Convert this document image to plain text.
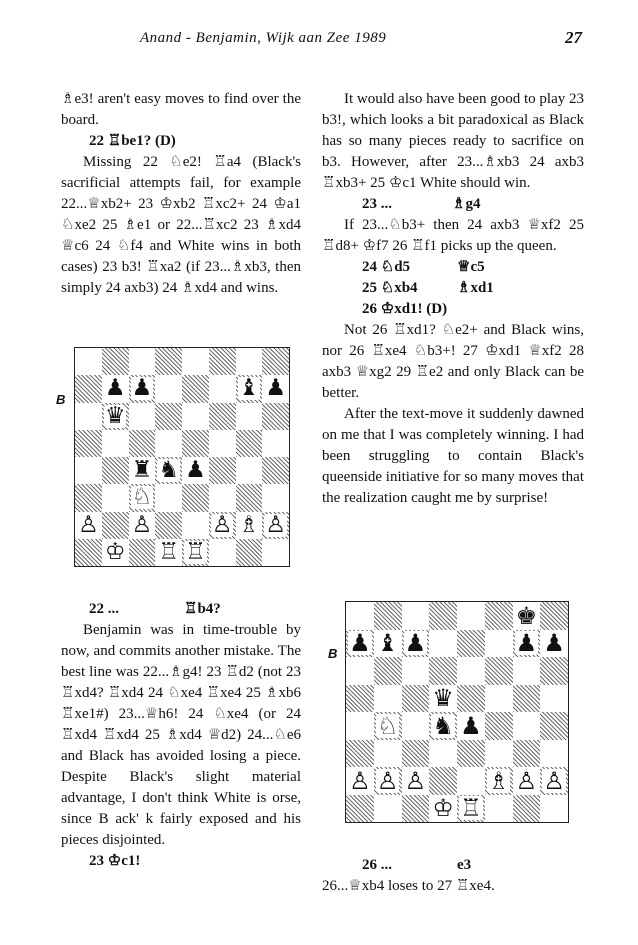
Anand - Benjamin, Wijk aan Zee 1989	27

♗e3! aren't easy moves to find over the board.

22 ♖be1? (D)

Missing 22 ♘e2! ♖a4 (Black's sacrificial attempts fail, for example 22...♕xb2+ 23 ♔xb2 ♖xc2+ 24 ♔a1 ♘xe2 25 ♗e1 or 22...♖xc2 23 ♗xd4 ♕c6 24 ♘f4 and White wins in both cases) 23 b3! ♖xa2 (if 23...♗xb3, then simply 24 axb3) 24 ♗xd4 and wins.

B ♟ ♟	♝ ♟
♛
♜ ♞ ♟
♘
♙ ♙	♙ ♗ ♙
♔ ♖ ♖

22 ...	♖b4?

Benjamin was in time-trouble by now, and commits another mistake. The best line was 22...♗g4! 23 ♖d2 (not 23 ♖xd4? ♖xd4 24 ♘xe4 ♖xe4 25 ♗xb6 ♖xe1#) 23...♕h6! 24 ♘xe4 (or 24 ♖xd4 ♖xd4 25 ♗xd4 ♕d2) 24...♘e6 and Black has avoided losing a piece. Despite Black's slight material advantage, I don't think White is orse, since B ack' k fairly exposed and his pieces disjointed.

23 ♔c1!

It would also have been good to play 23 b3!, which looks a bit paradoxical as Black has so many pieces ready to sacrifice on b3. However, after 23...♗xb3 24 axb3 ♖xb3+ 25 ♔c1 White should win.

23 ...	♗g4

If 23...♘b3+ then 24 axb3 ♕xf2 25 ♖d8+ ♔f7 26 ♖f1 picks up the queen.

24 ♘d5	♕c5

25 ♘xb4	♗xd1

26 ♔xd1! (D)

Not 26 ♖xd1? ♘e2+ and Black wins, nor 26 ♖xe4 ♘b3+! 27 ♔xd1 ♕xf2 28 axb3 ♕xg2 29 ♖e2 and only Black can be better.

After the text-move it suddenly dawned on me that I was completely winning. I had been struggling to contain Black's queenside initiative for so many moves that the realization caught me by surprise!

B
♚
♟ ♝ ♟	♟ ♟
♛
♘ ♞ ♟
♙ ♙ ♙	♗ ♙ ♙
♔ ♖

26 ...	e3

26...♕xb4 loses to 27 ♖xe4.
